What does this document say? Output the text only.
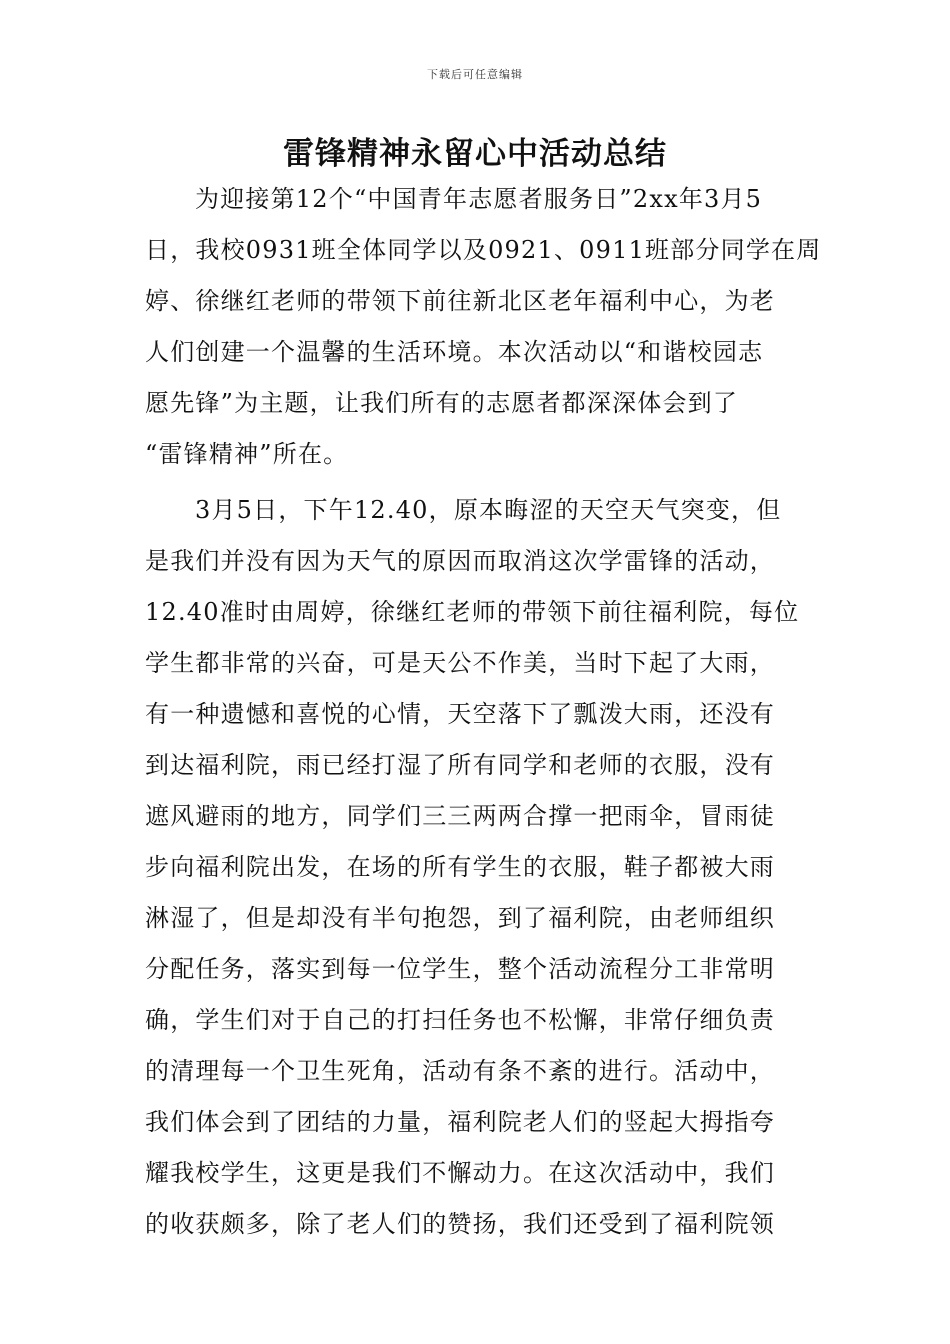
下载后可任意编辑
雷锋精神永留心中活动总结
为迎接第12个“中国青年志愿者服务日”2xx年3月5
日，我校0931班全体同学以及0921、0911班部分同学在周
婷、徐继红老师的带领下前往新北区老年福利中心，为老
人们创建一个温馨的生活环境。本次活动以“和谐校园志
愿先锋”为主题，让我们所有的志愿者都深深体会到了
“雷锋精神”所在。
3月5日，下午12.40，原本晦涩的天空天气突变，但
是我们并没有因为天气的原因而取消这次学雷锋的活动，
12.40准时由周婷，徐继红老师的带领下前往福利院，每位
学生都非常的兴奋，可是天公不作美，当时下起了大雨，
有一种遗憾和喜悦的心情，天空落下了瓢泼大雨，还没有
到达福利院，雨已经打湿了所有同学和老师的衣服，没有
遮风避雨的地方，同学们三三两两合撑一把雨伞，冒雨徒
步向福利院出发，在场的所有学生的衣服，鞋子都被大雨
淋湿了，但是却没有半句抱怨，到了福利院，由老师组织
分配任务，落实到每一位学生，整个活动流程分工非常明
确，学生们对于自己的打扫任务也不松懈，非常仔细负责
的清理每一个卫生死角，活动有条不紊的进行。活动中，
我们体会到了团结的力量，福利院老人们的竖起大拇指夸
耀我校学生，这更是我们不懈动力。在这次活动中，我们
的收获颇多，除了老人们的赞扬，我们还受到了福利院领
